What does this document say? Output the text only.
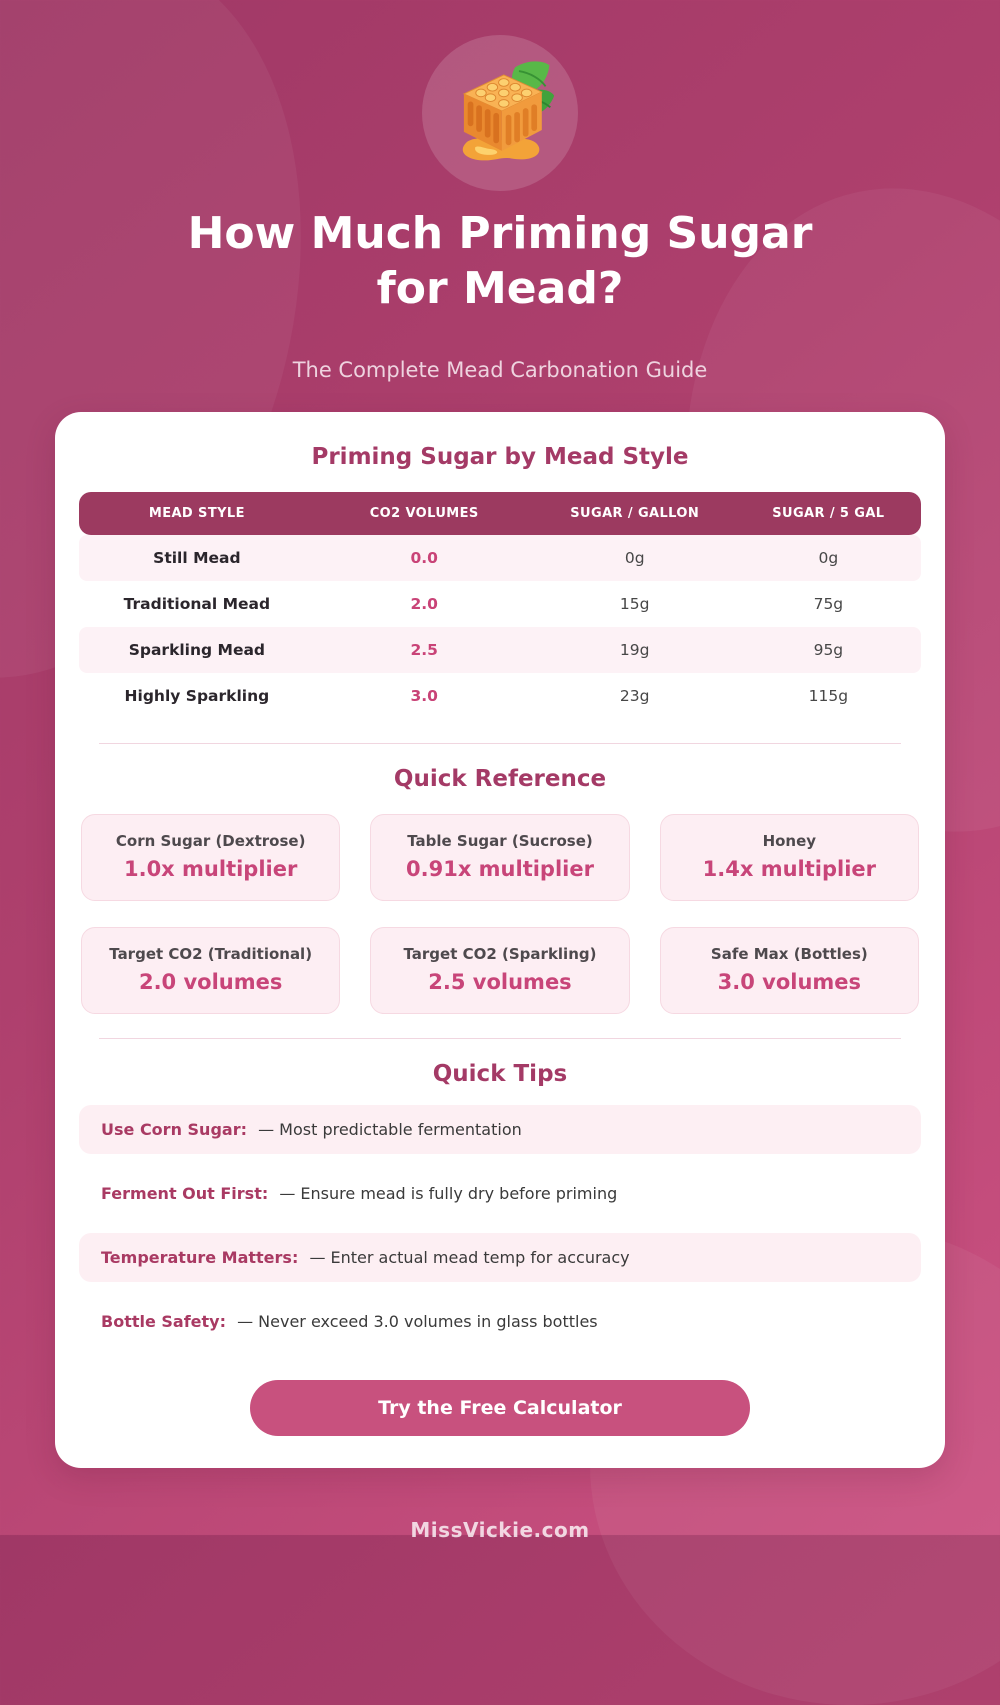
How Much Priming Sugar
for Mead?
The Complete Mead Carbonation Guide
Priming Sugar by Mead Style
MEAD STYLE	CO2 VOLUMES	SUGAR / GALLON	SUGAR / 5 GAL
Still Mead	0.0	0g	0g
Traditional Mead	2.0	15g	75g
Sparkling Mead	2.5	19g	95g
Highly Sparkling	3.0	23g	115g
Quick Reference
Corn Sugar (Dextrose)
1.0x multiplier
Table Sugar (Sucrose)
0.91x multiplier
Honey
1.4x multiplier
Target CO2 (Traditional)
2.0 volumes
Target CO2 (Sparkling)
2.5 volumes
Safe Max (Bottles)
3.0 volumes
Quick Tips
Use Corn Sugar: — Most predictable fermentation
Ferment Out First: — Ensure mead is fully dry before priming
Temperature Matters: — Enter actual mead temp for accuracy
Bottle Safety: — Never exceed 3.0 volumes in glass bottles
Try the Free Calculator
MissVickie.com
